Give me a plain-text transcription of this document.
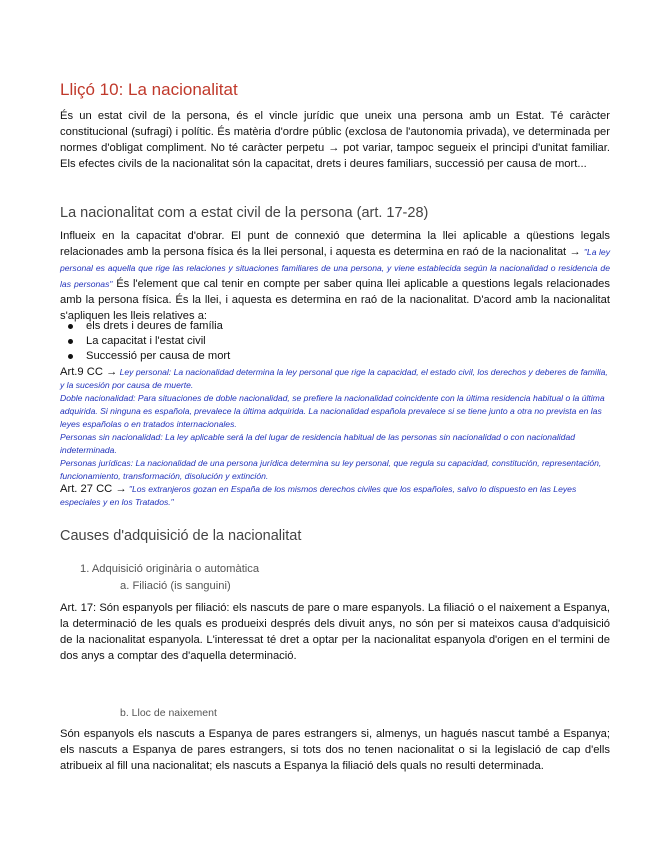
Lliçó 10: La nacionalitat

És un estat civil de la persona, és el vincle jurídic que uneix una persona amb un Estat. Té caràcter constitucional (sufragi) i polític. És matèria d'ordre públic (exclosa de l'autonomia privada), ve determinada per normes d'obligat compliment. No té caràcter perpetu → pot variar, tampoc segueix el principi d'unitat familiar. Els efectes civils de la nacionalitat són la capacitat, drets i deures familiars, successió per causa de mort...

La nacionalitat com a estat civil de la persona (art. 17-28)

Influeix en la capacitat d'obrar. El punt de connexió que determina la llei aplicable a qüestions legals relacionades amb la persona física és la llei personal, i aquesta es determina en raó de la nacionalitat → "La ley personal es aquella que rige las relaciones y situaciones familiares de una persona, y viene establecida según la nacionalidad o residencia de las personas" És l'element que cal tenir en compte per saber quina llei aplicable a questions legals relacionades amb la persona física. És la llei, i aquesta es determina en raó de la nacionalitat. D'acord amb la nacionalitat s'apliquen les lleis relatives a:

els drets i deures de família
La capacitat i l'estat civil
Successió per causa de mort
Art.9 CC → Ley personal: La nacionalidad determina la ley personal que rige la capacidad, el estado civil, los derechos y deberes de familia, y la sucesión por causa de muerte.
Doble nacionalidad: Para situaciones de doble nacionalidad, se prefiere la nacionalidad coincidente con la última residencia habitual o la última adquirida. Si ninguna es española, prevalece la última adquirida. La nacionalidad española prevalece si se tiene junto a otra no prevista en las leyes españolas o en tratados internacionales.
Personas sin nacionalidad: La ley aplicable será la del lugar de residencia habitual de las personas sin nacionalidad o con nacionalidad indeterminada.
Personas jurídicas: La nacionalidad de una persona jurídica determina su ley personal, que regula su capacidad, constitución, representación, funcionamiento, transformación, disolución y extinción.
Art. 27 CC → "Los extranjeros gozan en España de los mismos derechos civiles que los españoles, salvo lo dispuesto en las Leyes especiales y en los Tratados."
Causes d'adquisició de la nacionalitat
1. Adquisició originària o automàtica
a. Filiació (is sanguini)

Art. 17: Són espanyols per filiació: els nascuts de pare o mare espanyols. La filiació o el naixement a Espanya, la determinació de les quals es produeixi després dels divuit anys, no són per si mateixos causa d'adquisició de la nacionalitat espanyola. L'interessat té dret a optar per la nacionalitat espanyola d'origen en el termini de dos anys a comptar des d'aquella determinació.

b. Lloc de naixement

Són espanyols els nascuts a Espanya de pares estrangers si, almenys, un hagués nascut també a Espanya; els nascuts a Espanya de pares estrangers, si tots dos no tenen nacionalitat o si la legislació de cap d'ells atribueix al fill una nacionalitat; els nascuts a Espanya la filiació dels quals no resulti determinada.
